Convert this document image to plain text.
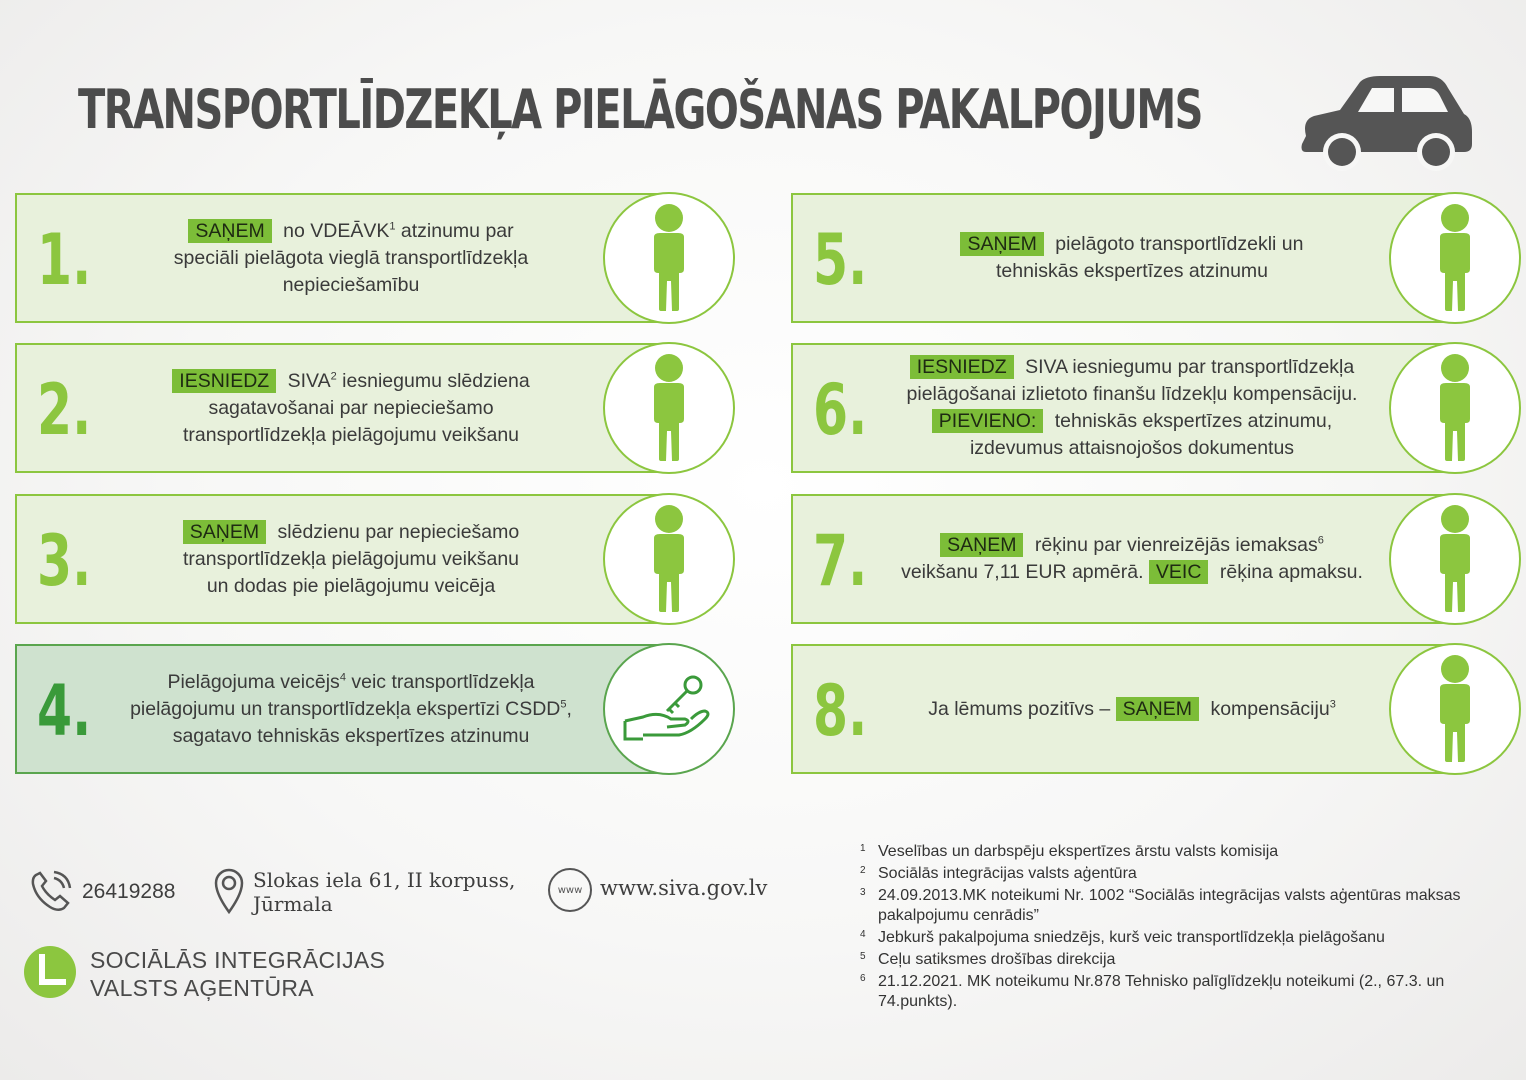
TRANSPORTLĪDZEKĻA PIELĀGOŠANAS PAKALPOJUMS
1.	SAŅEM no VDEĀVK$^1$ atzinumu par
speciāli pielāgota vieglā transportlīdzekļa
nepieciešamību
2.	IESNIEDZ SIVA$^2$ iesniegumu slēdziena
sagatavošanai par nepieciešamo
transportlīdzekļa pielāgojumu veikšanu
3.	SAŅEM slēdzienu par nepieciešamo
transportlīdzekļa pielāgojumu veikšanu
un dodas pie pielāgojumu veicēja
4.	Pielāgojuma veicējs$^4$ veic transportlīdzekļa
pielāgojumu un transportlīdzekļa ekspertīzi CSDD$^5$,
sagatavo tehniskās ekspertīzes atzinumu
5.	SAŅEM pielāgoto transportlīdzekli un
tehniskās ekspertīzes atzinumu
6.
IESNIEDZ SIVA iesniegumu par transportlīdzekļa
pielāgošanai izlietoto finanšu līdzekļu kompensāciju.
PIEVIENO: tehniskās ekspertīzes atzinumu,
izdevumus attaisnojošos dokumentus
7.	SAŅEM rēķinu par vienreizējās iemaksas$^6$
veikšanu 7,11 EUR apmērā. VEIC rēķina apmaksu.
8.	Ja lēmums pozitīvs – SAŅEM kompensāciju$^3$
26419288	Slokas iela 61, II korpuss,
Jūrmala
www www.siva.gov.lv
SOCIĀLĀS INTEGRĀCIJAS
VALSTS AĢENTŪRA
1 Veselības un darbspēju ekspertīzes ārstu valsts komisija
2 Sociālās integrācijas valsts aģentūra
3 24.09.2013.MK noteikumi Nr. 1002 “Sociālās integrācijas valsts aģentūras maksas pakalpojumu cenrādis”
4 Jebkurš pakalpojuma sniedzējs, kurš veic transportlīdzekļa pielāgošanu
5 Ceļu satiksmes drošības direkcija
6 21.12.2021. MK noteikumu Nr.878 Tehnisko palīglīdzekļu noteikumi (2., 67.3. un 74.punkts).
